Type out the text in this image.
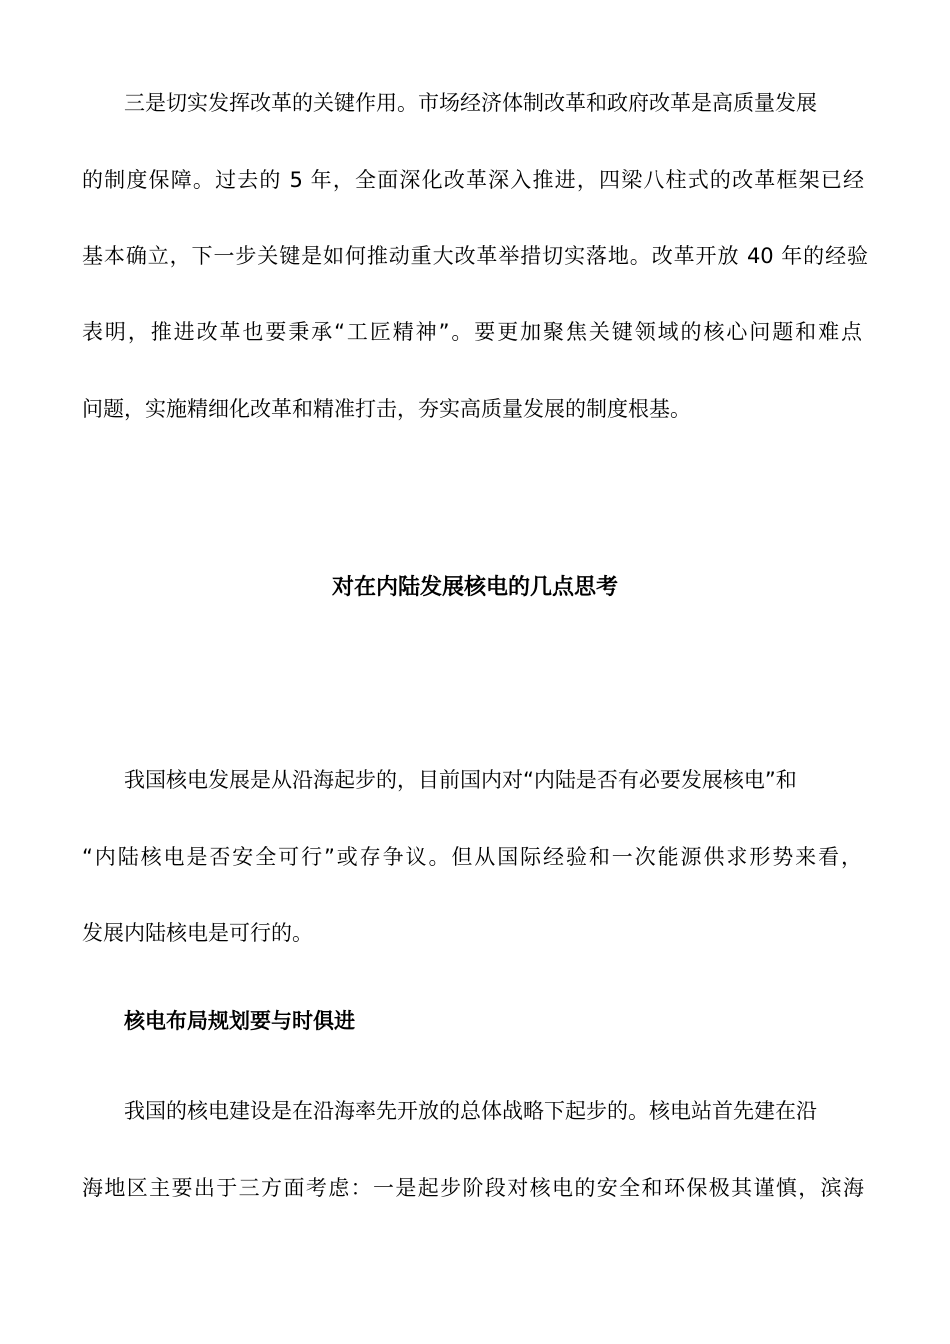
三是切实发挥改革的关键作用。市场经济体制改革和政府改革是高质量发展
的制度保障。过去的 5 年，全面深化改革深入推进，四梁八柱式的改革框架已经
基本确立，下一步关键是如何推动重大改革举措切实落地。改革开放 40 年的经验
表明，推进改革也要秉承“工匠精神”。要更加聚焦关键领域的核心问题和难点
问题，实施精细化改革和精准打击，夯实高质量发展的制度根基。
对在内陆发展核电的几点思考
我国核电发展是从沿海起步的，目前国内对“内陆是否有必要发展核电”和
“内陆核电是否安全可行”或存争议。但从国际经验和一次能源供求形势来看，
发展内陆核电是可行的。
核电布局规划要与时俱进
我国的核电建设是在沿海率先开放的总体战略下起步的。核电站首先建在沿
海地区主要出于三方面考虑：一是起步阶段对核电的安全和环保极其谨慎，滨海
